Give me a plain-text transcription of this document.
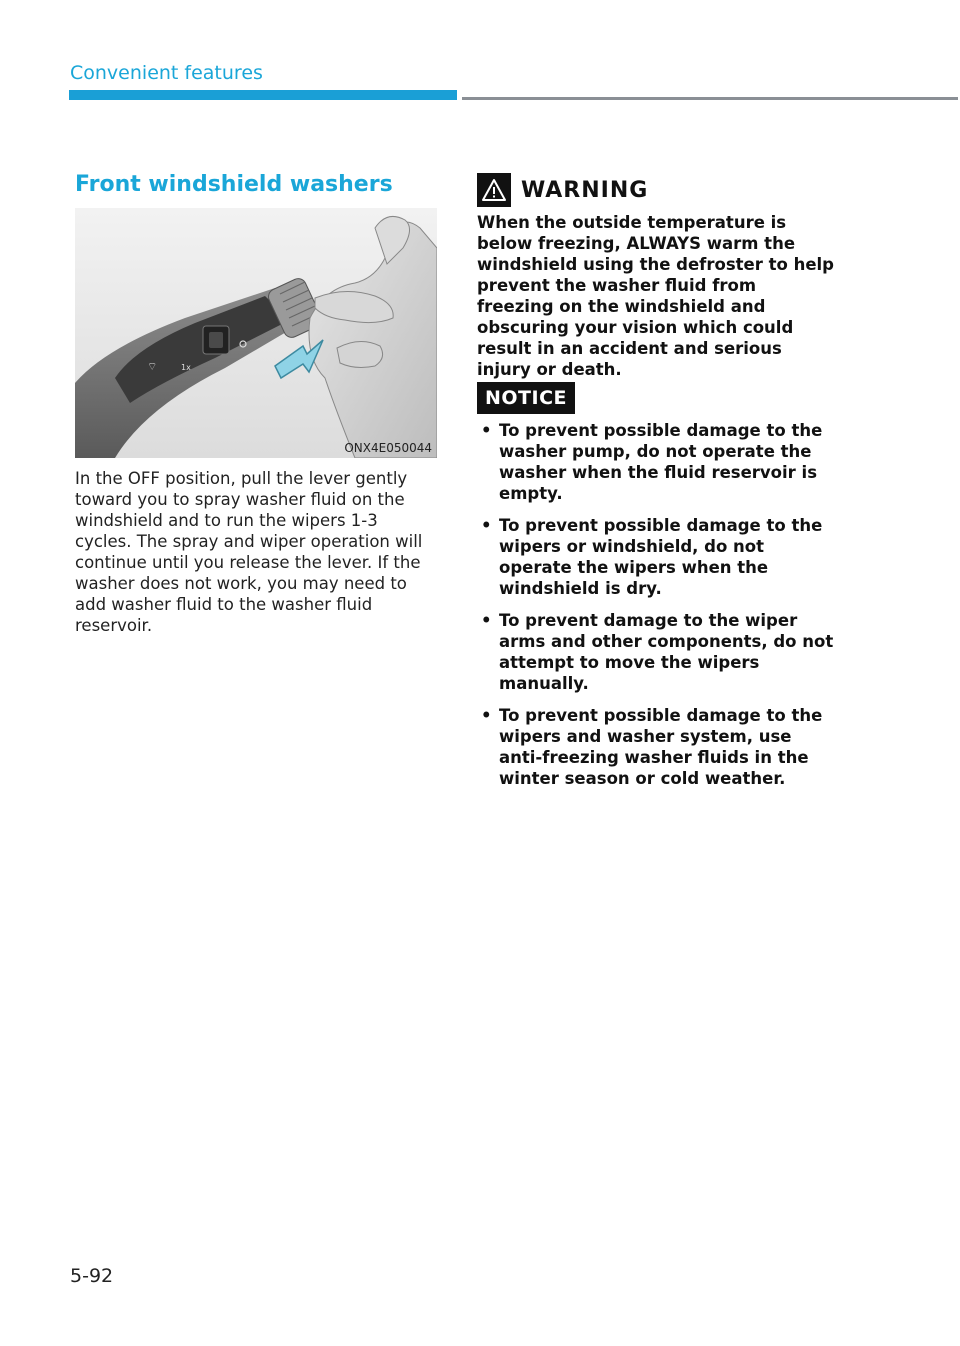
Convenient features
Front windshield washers
⌔	1x
ONX4E050044
In the OFF position, pull the lever gently toward you to spray washer fluid on the windshield and to run the wipers 1-3 cycles. The spray and wiper operation will continue until you release the lever. If the washer does not work, you may need to add washer fluid to the washer fluid reservoir.
WARNING
When the outside temperature is below freezing, ALWAYS warm the windshield using the defroster to help prevent the washer fluid from freezing on the windshield and obscuring your vision which could result in an accident and serious injury or death.
NOTICE
• To prevent possible damage to the washer pump, do not operate the washer when the fluid reservoir is empty.
• To prevent possible damage to the wipers or windshield, do not operate the wipers when the windshield is dry.
• To prevent damage to the wiper arms and other components, do not attempt to move the wipers manually.
• To prevent possible damage to the wipers and washer system, use anti-freezing washer fluids in the winter season or cold weather.
5-92
